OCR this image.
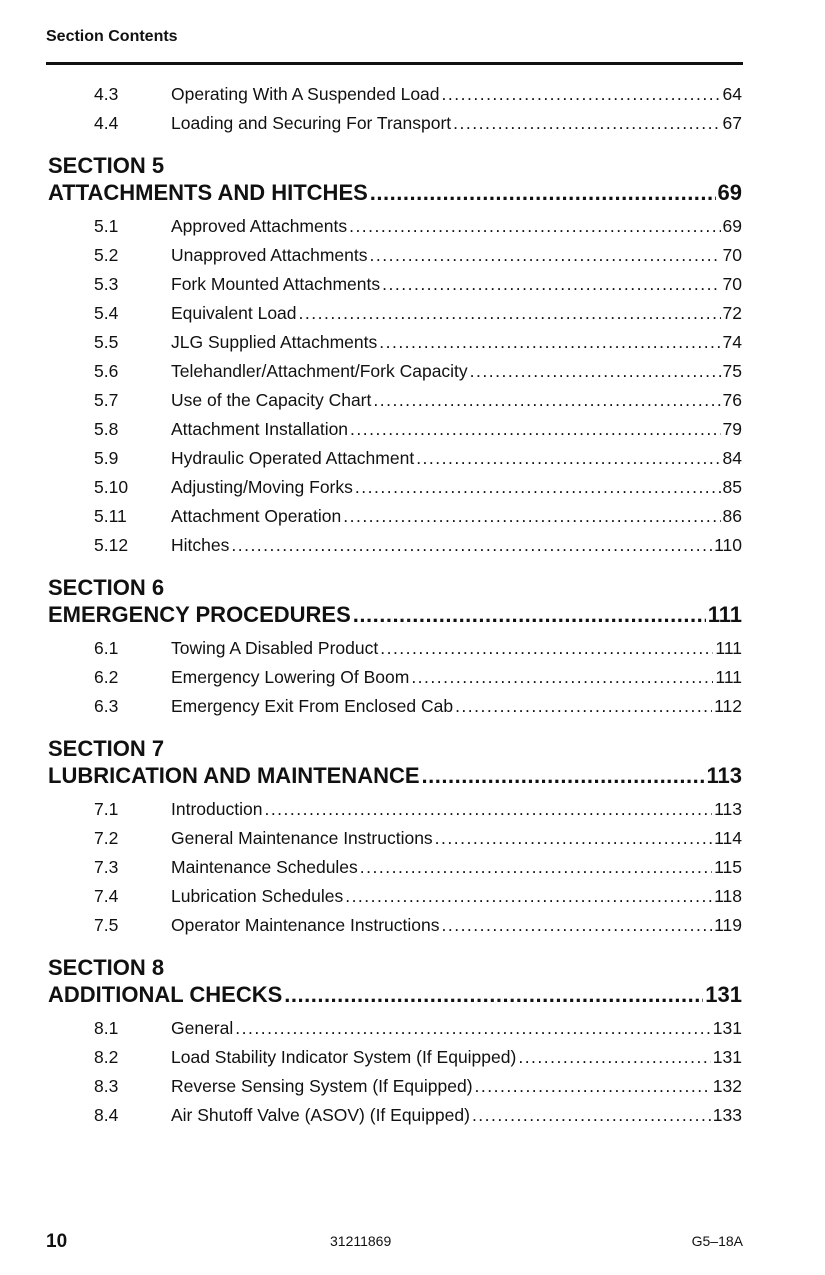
Section Contents
4.3	Operating With A Suspended Load .....	64
4.4	Loading and Securing For Transport .....	67
SECTION 5
ATTACHMENTS AND HITCHES .....	69
5.1	Approved Attachments .....	69
5.2	Unapproved Attachments .....	70
5.3	Fork Mounted Attachments .....	70
5.4	Equivalent Load .....	72
5.5	JLG Supplied Attachments .....	74
5.6	Telehandler/Attachment/Fork Capacity .....	75
5.7	Use of the Capacity Chart .....	76
5.8	Attachment Installation .....	79
5.9	Hydraulic Operated Attachment .....	84
5.10	Adjusting/Moving Forks .....	85
5.11	Attachment Operation .....	86
5.12	Hitches .....	110
SECTION 6
EMERGENCY PROCEDURES .....	111
6.1	Towing A Disabled Product .....	111
6.2	Emergency Lowering Of Boom .....	111
6.3	Emergency Exit From Enclosed Cab .....	112
SECTION 7
LUBRICATION AND MAINTENANCE .....	113
7.1	Introduction .....	113
7.2	General Maintenance Instructions .....	114
7.3	Maintenance Schedules .....	115
7.4	Lubrication Schedules .....	118
7.5	Operator Maintenance Instructions .....	119
SECTION 8
ADDITIONAL CHECKS .....	131
8.1	General .....	131
8.2	Load Stability Indicator System (If Equipped) .....	131
8.3	Reverse Sensing System (If Equipped) .....	132
8.4	Air Shutoff Valve (ASOV) (If Equipped) .....	133
10	31211869	G5–18A
